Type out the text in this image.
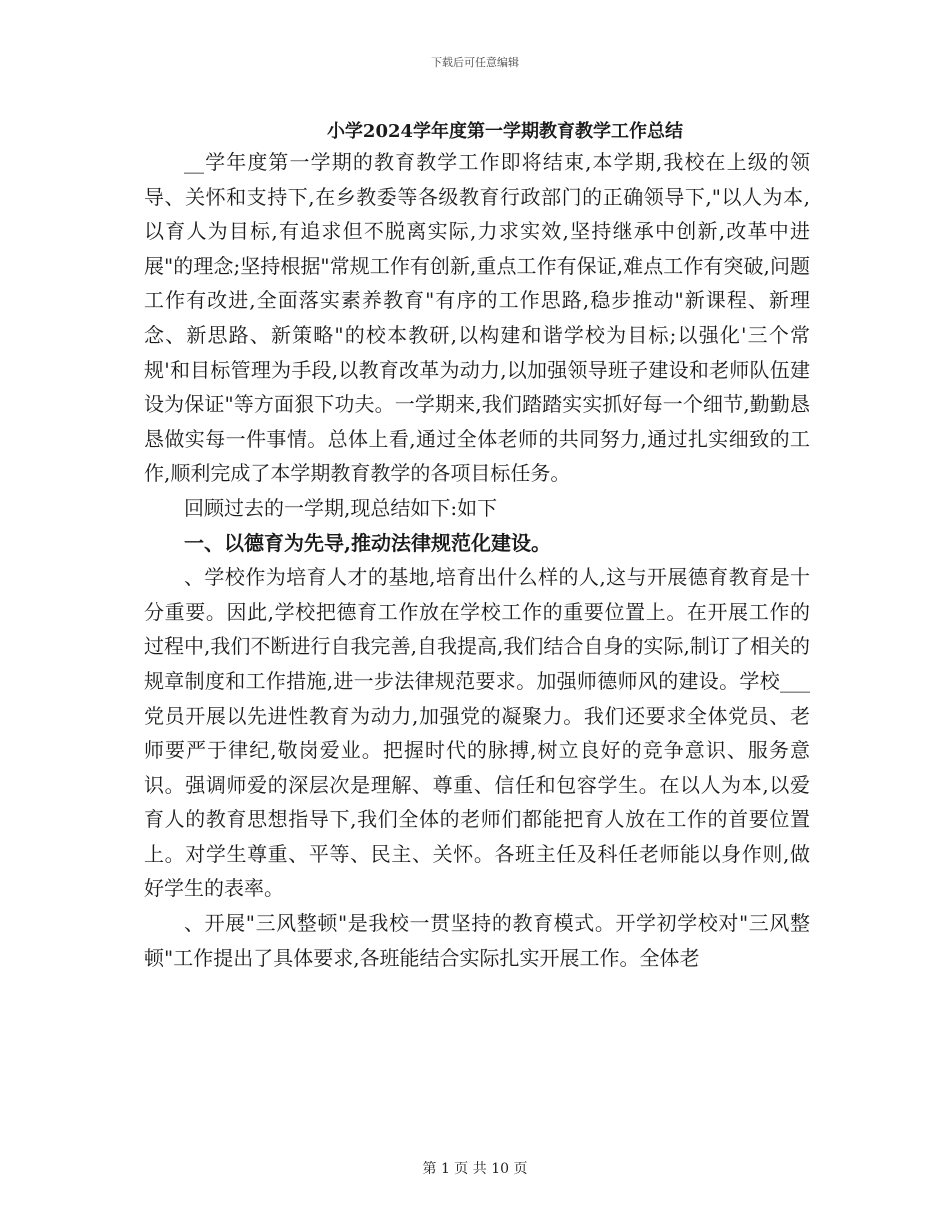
下载后可任意编辑
小学2024学年度第一学期教育教学工作总结

__学年度第一学期的教育教学工作即将结束,本学期,我校在上级的领导、关怀和支持下,在乡教委等各级教育行政部门的正确领导下,"以人为本,以育人为目标,有追求但不脱离实际,力求实效,坚持继承中创新,改革中进展"的理念;坚持根据"常规工作有创新,重点工作有保证,难点工作有突破,问题工作有改进,全面落实素养教育"有序的工作思路,稳步推动"新课程、新理念、新思路、新策略"的校本教研,以构建和谐学校为目标;以强化'三个常规'和目标管理为手段,以教育改革为动力,以加强领导班子建设和老师队伍建设为保证"等方面狠下功夫。一学期来,我们踏踏实实抓好每一个细节,勤勤恳恳做实每一件事情。总体上看,通过全体老师的共同努力,通过扎实细致的工作,顺利完成了本学期教育教学的各项目标任务。

回顾过去的一学期,现总结如下:如下

一、以德育为先导,推动法律规范化建设。

、学校作为培育人才的基地,培育出什么样的人,这与开展德育教育是十分重要。因此,学校把德育工作放在学校工作的重要位置上。在开展工作的过程中,我们不断进行自我完善,自我提高,我们结合自身的实际,制订了相关的规章制度和工作措施,进一步法律规范要求。加强师德师风的建设。学校___党员开展以先进性教育为动力,加强党的凝聚力。我们还要求全体党员、老师要严于律纪,敬岗爱业。把握时代的脉搏,树立良好的竞争意识、服务意识。强调师爱的深层次是理解、尊重、信任和包容学生。在以人为本,以爱育人的教育思想指导下,我们全体的老师们都能把育人放在工作的首要位置上。对学生尊重、平等、民主、关怀。各班主任及科任老师能以身作则,做好学生的表率。

、开展"三风整顿"是我校一贯坚持的教育模式。开学初学校对"三风整顿"工作提出了具体要求,各班能结合实际扎实开展工作。全体老

第 1 页 共 10 页
